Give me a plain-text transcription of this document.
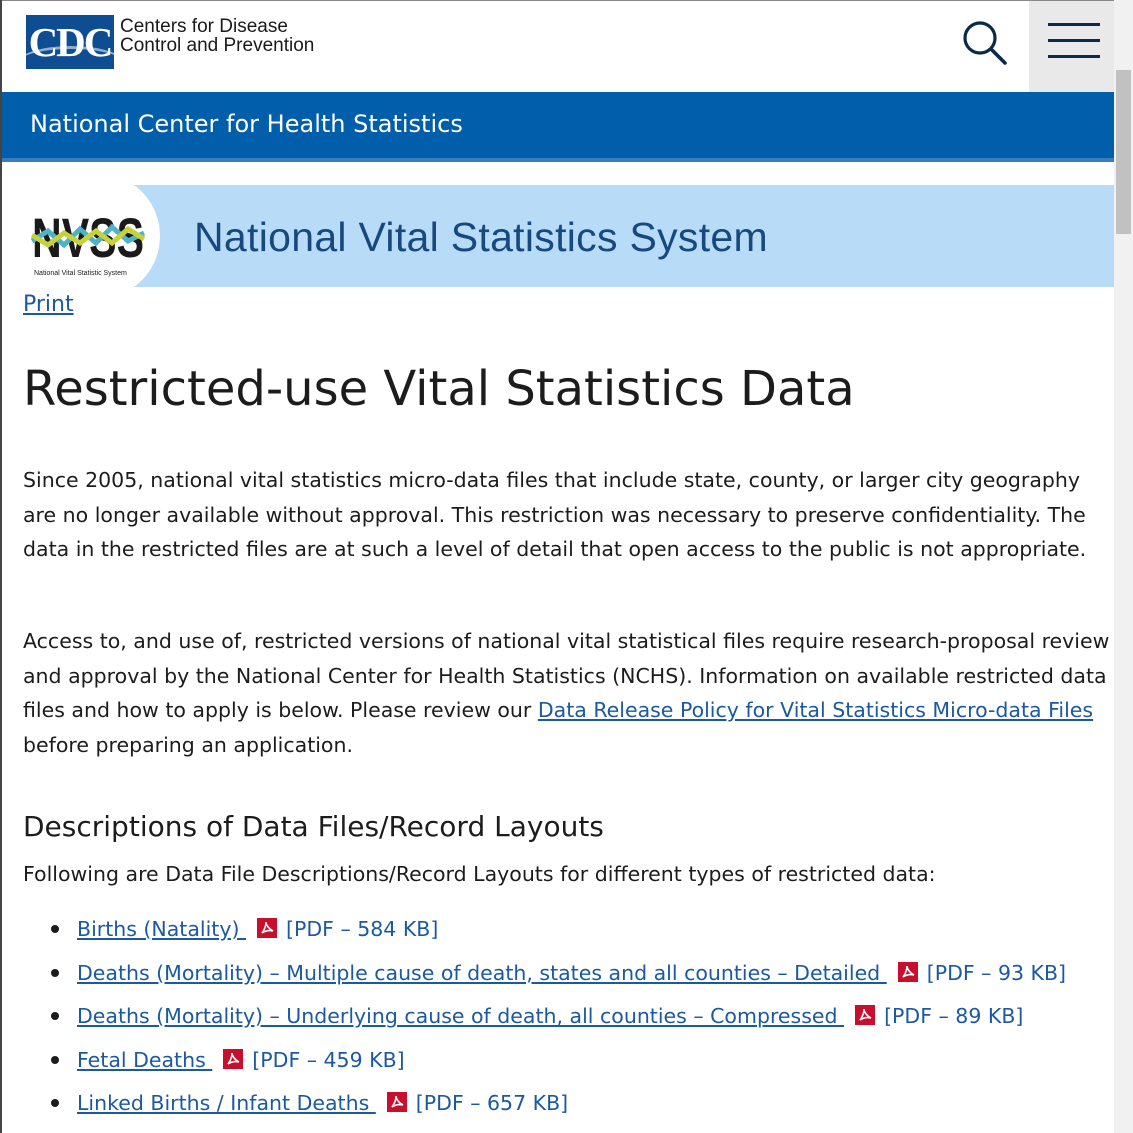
CDC Centers for Disease
Control and Prevention
National Center for Health Statistics
NVSS
National Vital Statistic System
National Vital Statistics System
Print
Restricted-use Vital Statistics Data

Since 2005, national vital statistics micro-data files that include state, county, or larger city geography are no longer available without approval. This restriction was necessary to preserve confidentiality. The data in the restricted files are at such a level of detail that open access to the public is not appropriate.

Access to, and use of, restricted versions of national vital statistical files require research-proposal review and approval by the National Center for Health Statistics (NCHS). Information on available restricted data files and how to apply is below. Please review our Data Release Policy for Vital Statistics Micro-data Files before preparing an application.

Descriptions of Data Files/Record Layouts

Following are Data File Descriptions/Record Layouts for different types of restricted data:

Births (Natality) [PDF – 584 KB]
Deaths (Mortality) – Multiple cause of death, states and all counties – Detailed [PDF – 93 KB]
Deaths (Mortality) – Underlying cause of death, all counties – Compressed [PDF – 89 KB]
Fetal Deaths [PDF – 459 KB]
Linked Births / Infant Deaths [PDF – 657 KB]
